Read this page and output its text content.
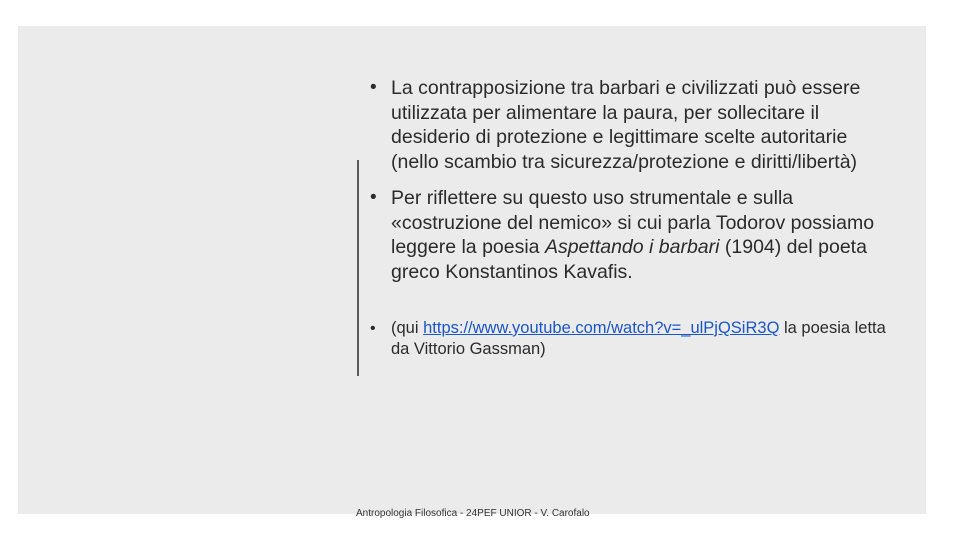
• La contrapposizione tra barbari e civilizzati può essere utilizzata per alimentare la paura, per sollecitare il desiderio di protezione e legittimare scelte autoritarie (nello scambio tra sicurezza/protezione e diritti/libertà)

• Per riflettere su questo uso strumentale e sulla «costruzione del nemico» si cui parla Todorov possiamo leggere la poesia Aspettando i barbari (1904) del poeta greco Konstantinos Kavafis.

• (qui https://www.youtube.com/watch?v=_ulPjQSiR3Q la poesia letta da Vittorio Gassman)

Antropologia Filosofica - 24PEF UNIOR - V. Carofalo
